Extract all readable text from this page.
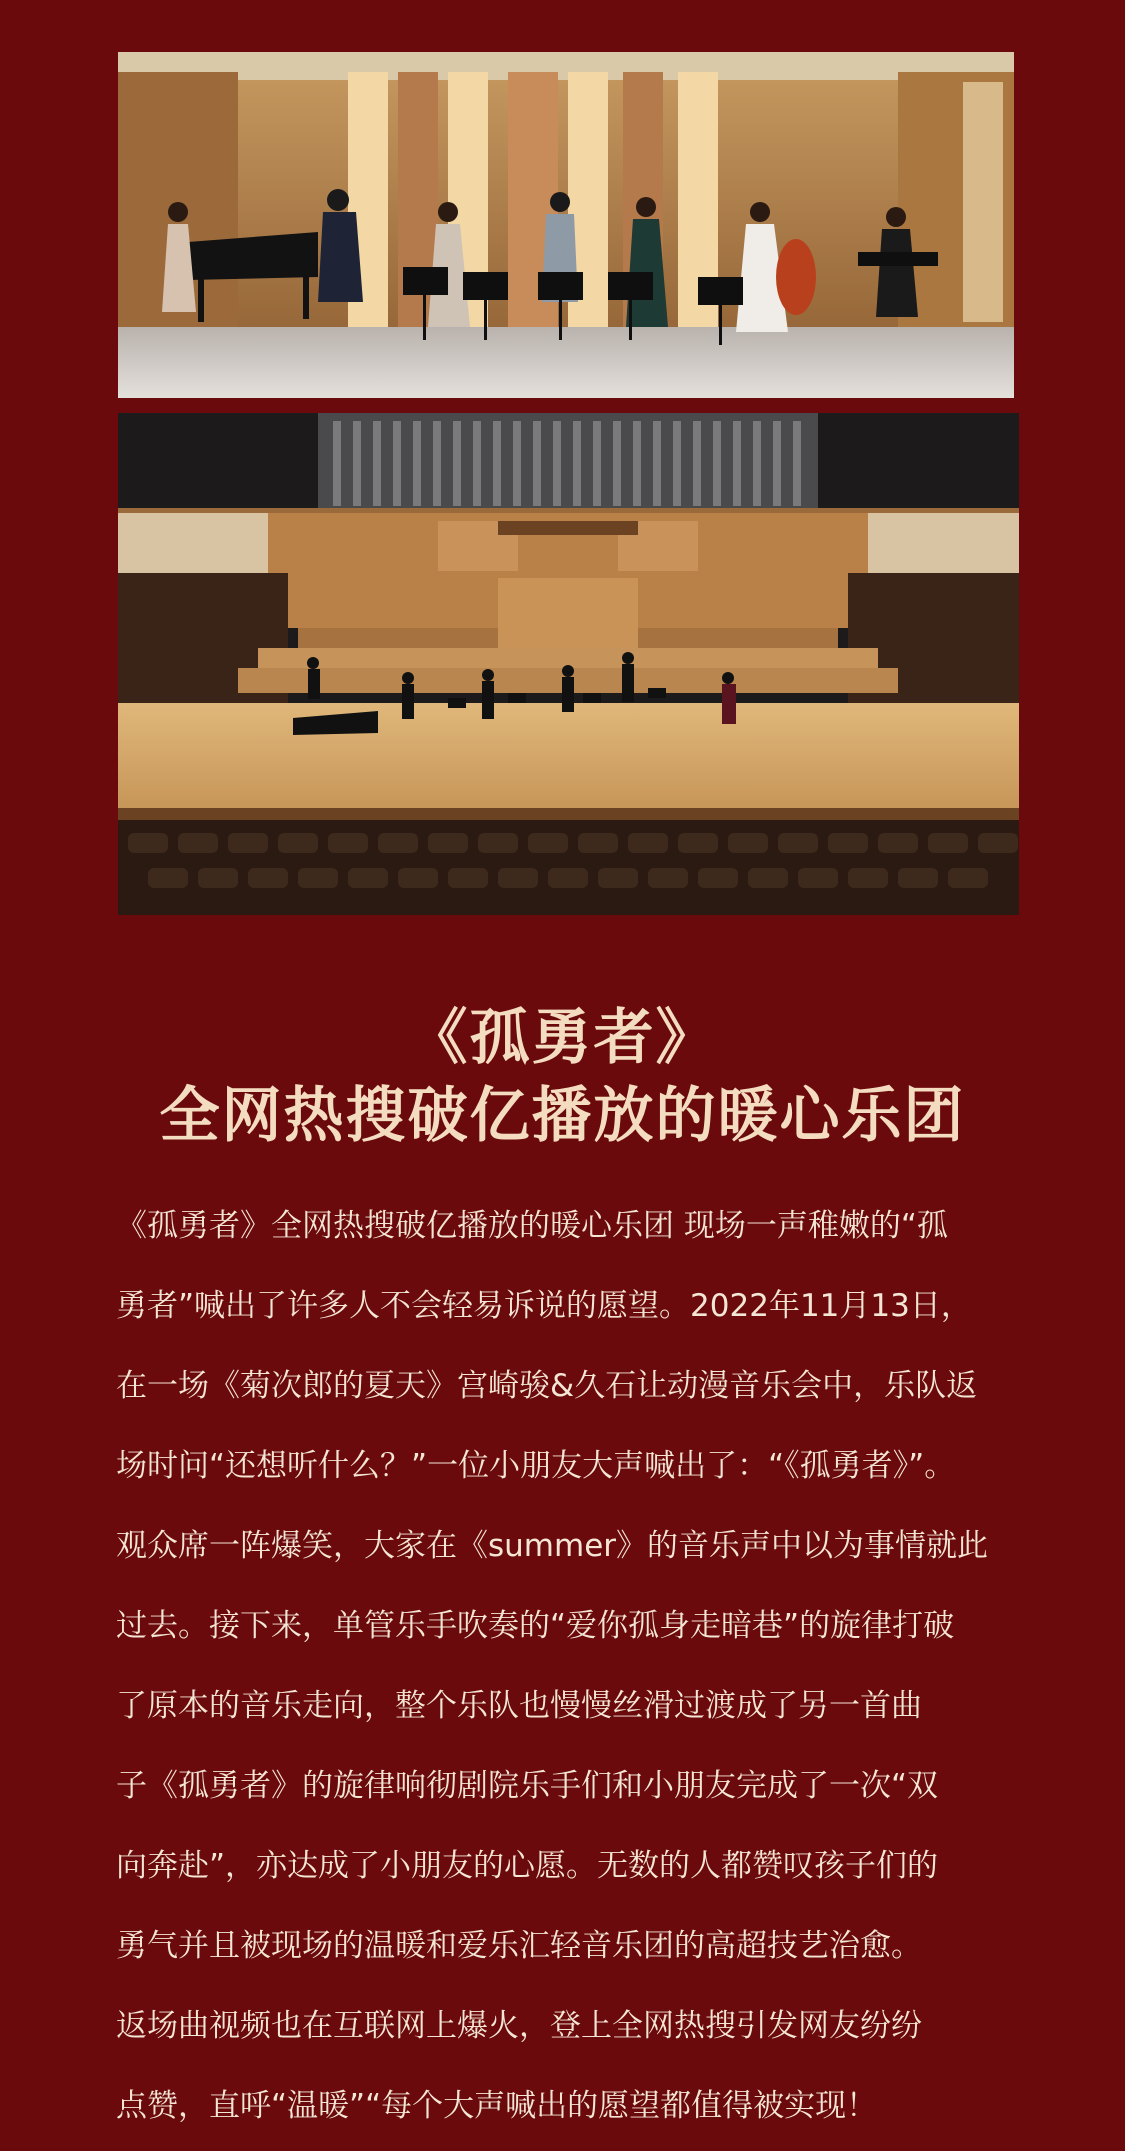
《孤勇者》
全网热搜破亿播放的暖心乐团
《孤勇者》全网热搜破亿播放的暖心乐团 现场一声稚嫩的“孤
勇者”喊出了许多人不会轻易诉说的愿望。2022年11月13日，
在一场《菊次郎的夏天》宫崎骏&久石让动漫音乐会中，乐队返
场时问“还想听什么？”一位小朋友大声喊出了：“《孤勇者》”。
观众席一阵爆笑，大家在《summer》的音乐声中以为事情就此
过去。接下来，单管乐手吹奏的“爱你孤身走暗巷”的旋律打破
了原本的音乐走向，整个乐队也慢慢丝滑过渡成了另一首曲
子《孤勇者》的旋律响彻剧院乐手们和小朋友完成了一次“双
向奔赴”，亦达成了小朋友的心愿。无数的人都赞叹孩子们的
勇气并且被现场的温暖和爱乐汇轻音乐团的高超技艺治愈。
返场曲视频也在互联网上爆火，登上全网热搜引发网友纷纷
点赞，直呼“温暖”“每个大声喊出的愿望都值得被实现！
